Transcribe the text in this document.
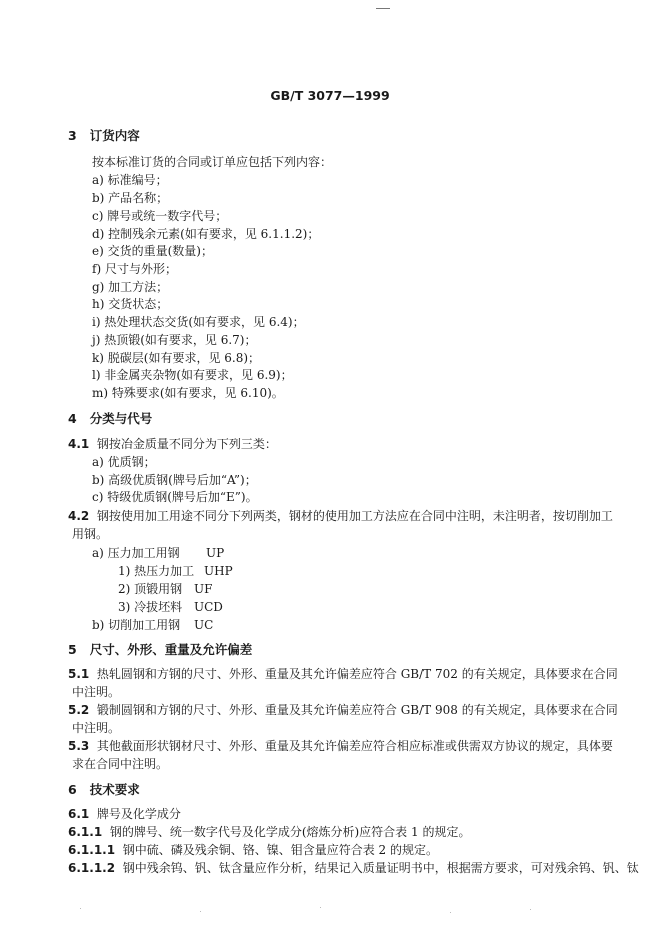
GB/T 3077—1999
3 订货内容
按本标准订货的合同或订单应包括下列内容：
a) 标准编号；
b) 产品名称；
c) 牌号或统一数字代号；
d) 控制残余元素(如有要求，见 6.1.1.2)；
e) 交货的重量(数量)；
f) 尺寸与外形；
g) 加工方法；
h) 交货状态；
i) 热处理状态交货(如有要求，见 6.4)；
j) 热顶锻(如有要求，见 6.7)；
k) 脱碳层(如有要求，见 6.8)；
l) 非金属夹杂物(如有要求，见 6.9)；
m) 特殊要求(如有要求，见 6.10)。
4 分类与代号
4.1 钢按冶金质量不同分为下列三类：
a) 优质钢；
b) 高级优质钢(牌号后加“A”)；
c) 特级优质钢(牌号后加“E”)。
4.2 钢按使用加工用途不同分下列两类，钢材的使用加工方法应在合同中注明，未注明者，按切削加工
用钢。
a) 压力加工用钢 UP
1) 热压力加工 UHP
2) 顶锻用钢 UF
3) 冷拔坯料 UCD
b) 切削加工用钢 UC
5 尺寸、外形、重量及允许偏差
5.1 热轧圆钢和方钢的尺寸、外形、重量及其允许偏差应符合 GB/T 702 的有关规定，具体要求在合同
中注明。
5.2 锻制圆钢和方钢的尺寸、外形、重量及其允许偏差应符合 GB/T 908 的有关规定，具体要求在合同
中注明。
5.3 其他截面形状钢材尺寸、外形、重量及其允许偏差应符合相应标准或供需双方协议的规定，具体要
求在合同中注明。
6 技术要求
6.1 牌号及化学成分
6.1.1 钢的牌号、统一数字代号及化学成分(熔炼分析)应符合表 1 的规定。
6.1.1.1 钢中硫、磷及残余铜、铬、镍、钼含量应符合表 2 的规定。
6.1.1.2 钢中残余钨、钒、钛含量应作分析，结果记入质量证明书中，根据需方要求，可对残余钨、钒、钛
